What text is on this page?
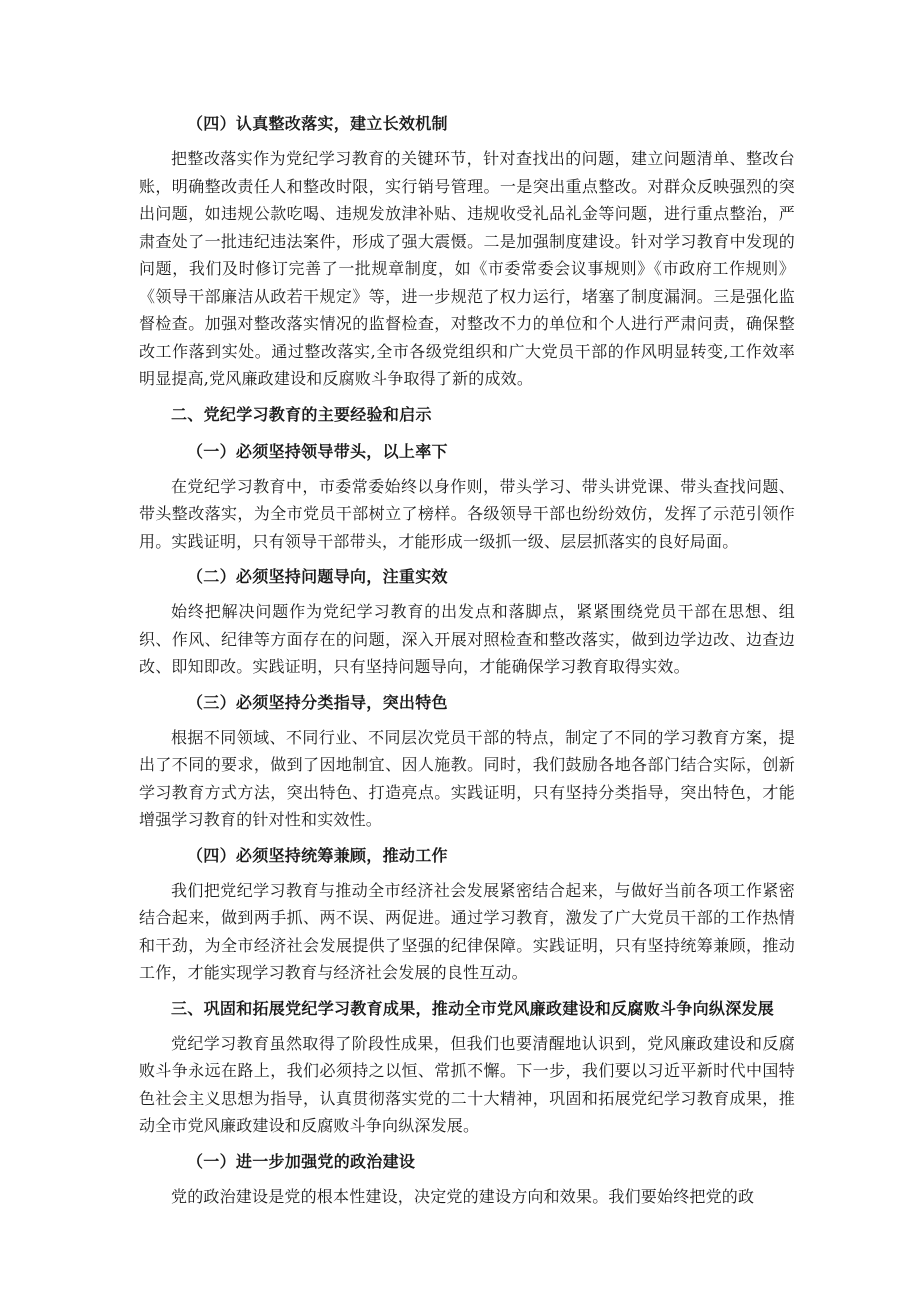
（四）认真整改落实，建立长效机制
把整改落实作为党纪学习教育的关键环节，针对查找出的问题，建立问题清单、整改台账，明确整改责任人和整改时限，实行销号管理。一是突出重点整改。对群众反映强烈的突出问题，如违规公款吃喝、违规发放津补贴、违规收受礼品礼金等问题，进行重点整治，严肃查处了一批违纪违法案件，形成了强大震慑。二是加强制度建设。针对学习教育中发现的问题，我们及时修订完善了一批规章制度，如《市委常委会议事规则》《市政府工作规则》《领导干部廉洁从政若干规定》等，进一步规范了权力运行，堵塞了制度漏洞。三是强化监督检查。加强对整改落实情况的监督检查，对整改不力的单位和个人进行严肃问责，确保整改工作落到实处。通过整改落实,全市各级党组织和广大党员干部的作风明显转变,工作效率明显提高,党风廉政建设和反腐败斗争取得了新的成效。
二、党纪学习教育的主要经验和启示
（一）必须坚持领导带头，以上率下
在党纪学习教育中，市委常委始终以身作则，带头学习、带头讲党课、带头查找问题、带头整改落实，为全市党员干部树立了榜样。各级领导干部也纷纷效仿，发挥了示范引领作用。实践证明，只有领导干部带头，才能形成一级抓一级、层层抓落实的良好局面。
（二）必须坚持问题导向，注重实效
始终把解决问题作为党纪学习教育的出发点和落脚点，紧紧围绕党员干部在思想、组织、作风、纪律等方面存在的问题，深入开展对照检查和整改落实，做到边学边改、边查边改、即知即改。实践证明，只有坚持问题导向，才能确保学习教育取得实效。
（三）必须坚持分类指导，突出特色
根据不同领域、不同行业、不同层次党员干部的特点，制定了不同的学习教育方案，提出了不同的要求，做到了因地制宜、因人施教。同时，我们鼓励各地各部门结合实际，创新学习教育方式方法，突出特色、打造亮点。实践证明，只有坚持分类指导，突出特色，才能增强学习教育的针对性和实效性。
（四）必须坚持统筹兼顾，推动工作
我们把党纪学习教育与推动全市经济社会发展紧密结合起来，与做好当前各项工作紧密结合起来，做到两手抓、两不误、两促进。通过学习教育，激发了广大党员干部的工作热情和干劲，为全市经济社会发展提供了坚强的纪律保障。实践证明，只有坚持统筹兼顾，推动工作，才能实现学习教育与经济社会发展的良性互动。
三、巩固和拓展党纪学习教育成果，推动全市党风廉政建设和反腐败斗争向纵深发展
党纪学习教育虽然取得了阶段性成果，但我们也要清醒地认识到，党风廉政建设和反腐败斗争永远在路上，我们必须持之以恒、常抓不懈。下一步，我们要以习近平新时代中国特色社会主义思想为指导，认真贯彻落实党的二十大精神，巩固和拓展党纪学习教育成果，推动全市党风廉政建设和反腐败斗争向纵深发展。
（一）进一步加强党的政治建设
党的政治建设是党的根本性建设，决定党的建设方向和效果。我们要始终把党的政
